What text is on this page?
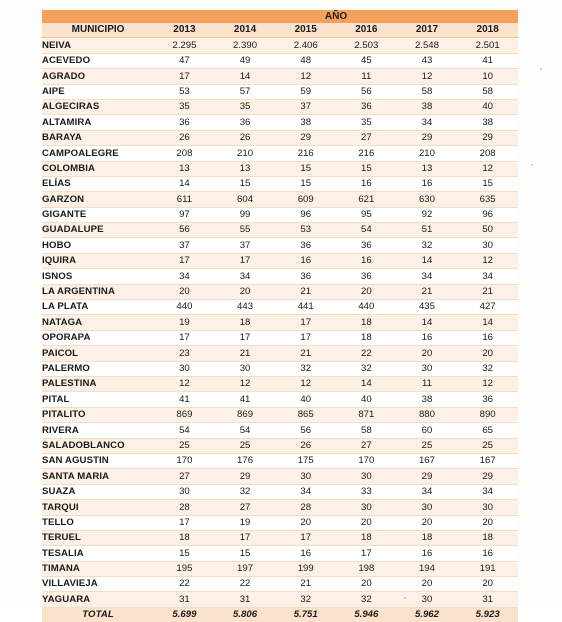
	AÑO					
MUNICIPIO	2013	2014	2015	2016	2017	2018
NEIVA	2.295	2.390	2.406	2.503	2.548	2.501
ACEVEDO	47	49	48	45	43	41
AGRADO	17	14	12	11	12	10
AIPE	53	57	59	56	58	58
ALGECIRAS	35	35	37	36	38	40
ALTAMIRA	36	36	38	35	34	38
BARAYA	26	26	29	27	29	29
CAMPOALEGRE	208	210	216	216	210	208
COLOMBIA	13	13	15	15	13	12
ELÍAS	14	15	15	16	16	15
GARZON	611	604	609	621	630	635
GIGANTE	97	99	96	95	92	96
GUADALUPE	56	55	53	54	51	50
HOBO	37	37	36	36	32	30
IQUIRA	17	17	16	16	14	12
ISNOS	34	34	36	36	34	34
LA ARGENTINA	20	20	21	20	21	21
LA PLATA	440	443	441	440	435	427
NATAGA	19	18	17	18	14	14
OPORAPA	17	17	17	18	16	16
PAICOL	23	21	21	22	20	20
PALERMO	30	30	32	32	30	32
PALESTINA	12	12	12	14	11	12
PITAL	41	41	40	40	38	36
PITALITO	869	869	865	871	880	890
RIVERA	54	54	56	58	60	65
SALADOBLANCO	25	25	26	27	25	25
SAN AGUSTIN	170	176	175	170	167	167
SANTA MARIA	27	29	30	30	29	29
SUAZA	30	32	34	33	34	34
TARQUI	28	27	28	30	30	30
TELLO	17	19	20	20	20	20
TERUEL	18	17	17	18	18	18
TESALIA	15	15	16	17	16	16
TIMANA	195	197	199	198	194	191
VILLAVIEJA	22	22	21	20	20	20
YAGUARA	31	31	32	32	30	31
TOTAL	5.699	5.806	5.751	5.946	5.962	5.923
